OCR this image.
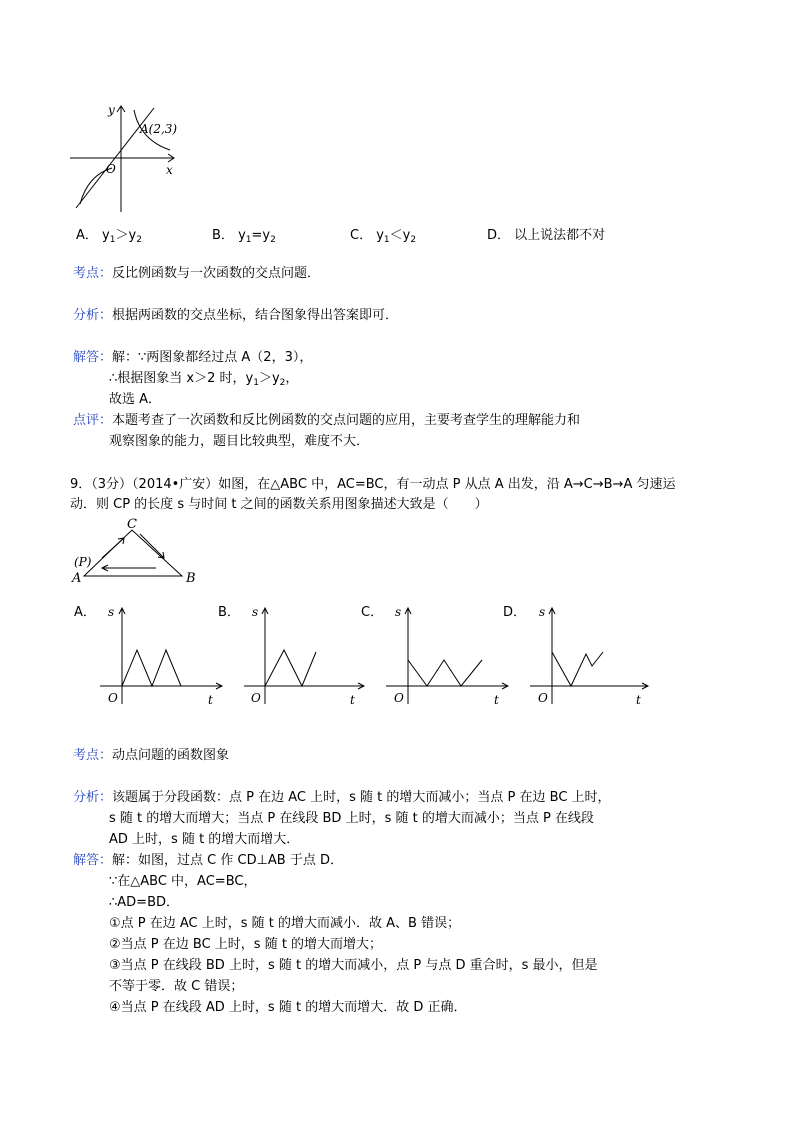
y
x
O
A(2,3)
A． $y_1>y_2$	B． $y_1=y_2$	C． $y_1<y_2$	D． 以上说法都不对
考点：反比例函数与一次函数的交点问题．
分析：根据两函数的交点坐标，结合图象得出答案即可．
解答：解：∵两图象都经过点 A（2，3），
∴根据图象当 x＞2 时，$y_1>y_2$，
故选 A．
点评：本题考查了一次函数和反比例函数的交点问题的应用，主要考查学生的理解能力和
观察图象的能力，题目比较典型，难度不大．
9．（3分）（2014•广安）如图，在△ABC 中，AC=BC，有一动点 P 从点 A 出发，沿 A→C→B→A 匀速运
动．则 CP 的长度 s 与时间 t 之间的函数关系用图象描述大致是（　　）
C
(P)
A	B
A． s
t
O
B． s
t
O
C． s
t
O
D． s
t
O
考点：动点问题的函数图象
分析：该题属于分段函数：点 P 在边 AC 上时，s 随 t 的增大而减小；当点 P 在边 BC 上时，
s 随 t 的增大而增大；当点 P 在线段 BD 上时，s 随 t 的增大而减小；当点 P 在线段
AD 上时，s 随 t 的增大而增大．
解答：解：如图，过点 C 作 CD⊥AB 于点 D．
∵在△ABC 中，AC=BC，
∴AD=BD．
①点 P 在边 AC 上时，s 随 t 的增大而减小．故 A、B 错误；
②当点 P 在边 BC 上时，s 随 t 的增大而增大；
③当点 P 在线段 BD 上时，s 随 t 的增大而减小，点 P 与点 D 重合时，s 最小，但是
不等于零．故 C 错误；
④当点 P 在线段 AD 上时，s 随 t 的增大而增大．故 D 正确．
